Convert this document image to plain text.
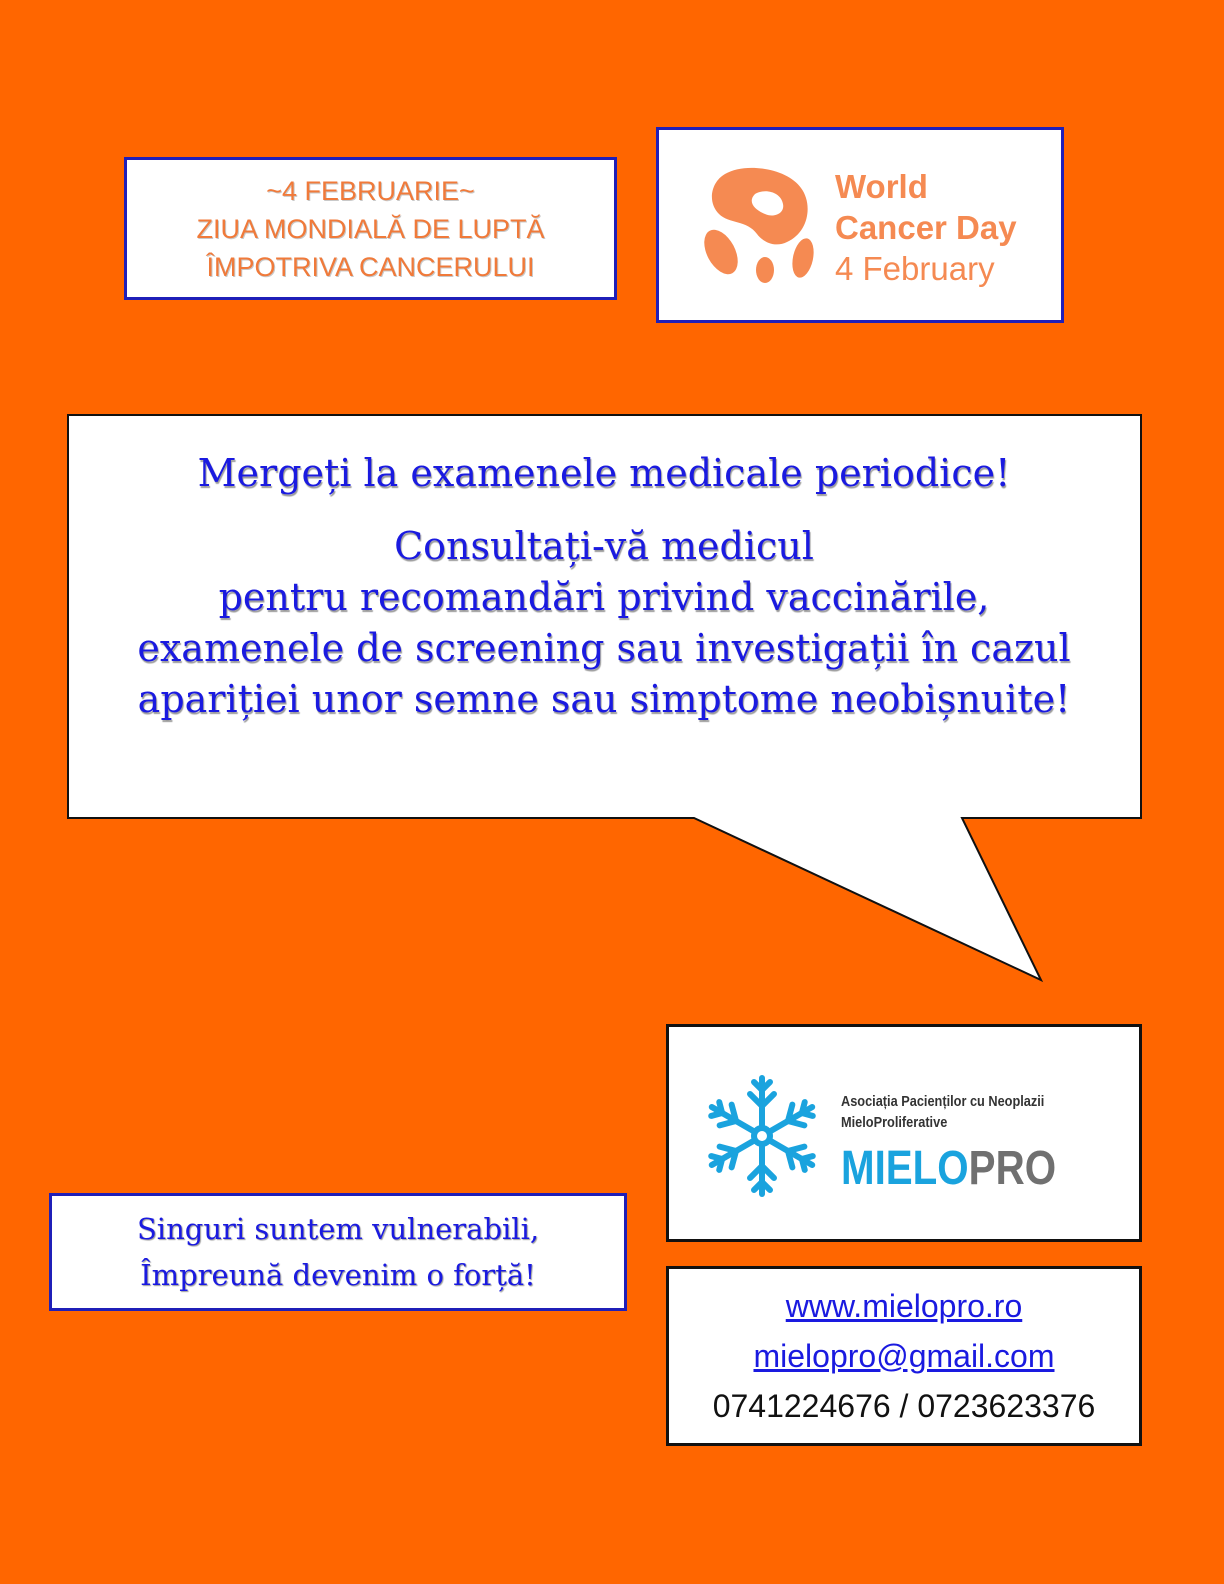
~4 FEBRUARIE~
ZIUA MONDIALĂ DE LUPTĂ
ÎMPOTRIVA CANCERULUI
World
Cancer Day
4 February
Mergeți la examenele medicale periodice!
Consultați-vă medicul
pentru recomandări privind vaccinările,
examenele de screening sau investigații în cazul
apariției unor semne sau simptome neobișnuite!
Singuri suntem vulnerabili,
Împreună devenim o forță!
Asociația Pacienților cu Neoplazii
MieloProliferative
MIELOPRO
www.mielopro.ro
mielopro@gmail.com
0741224676 / 0723623376
